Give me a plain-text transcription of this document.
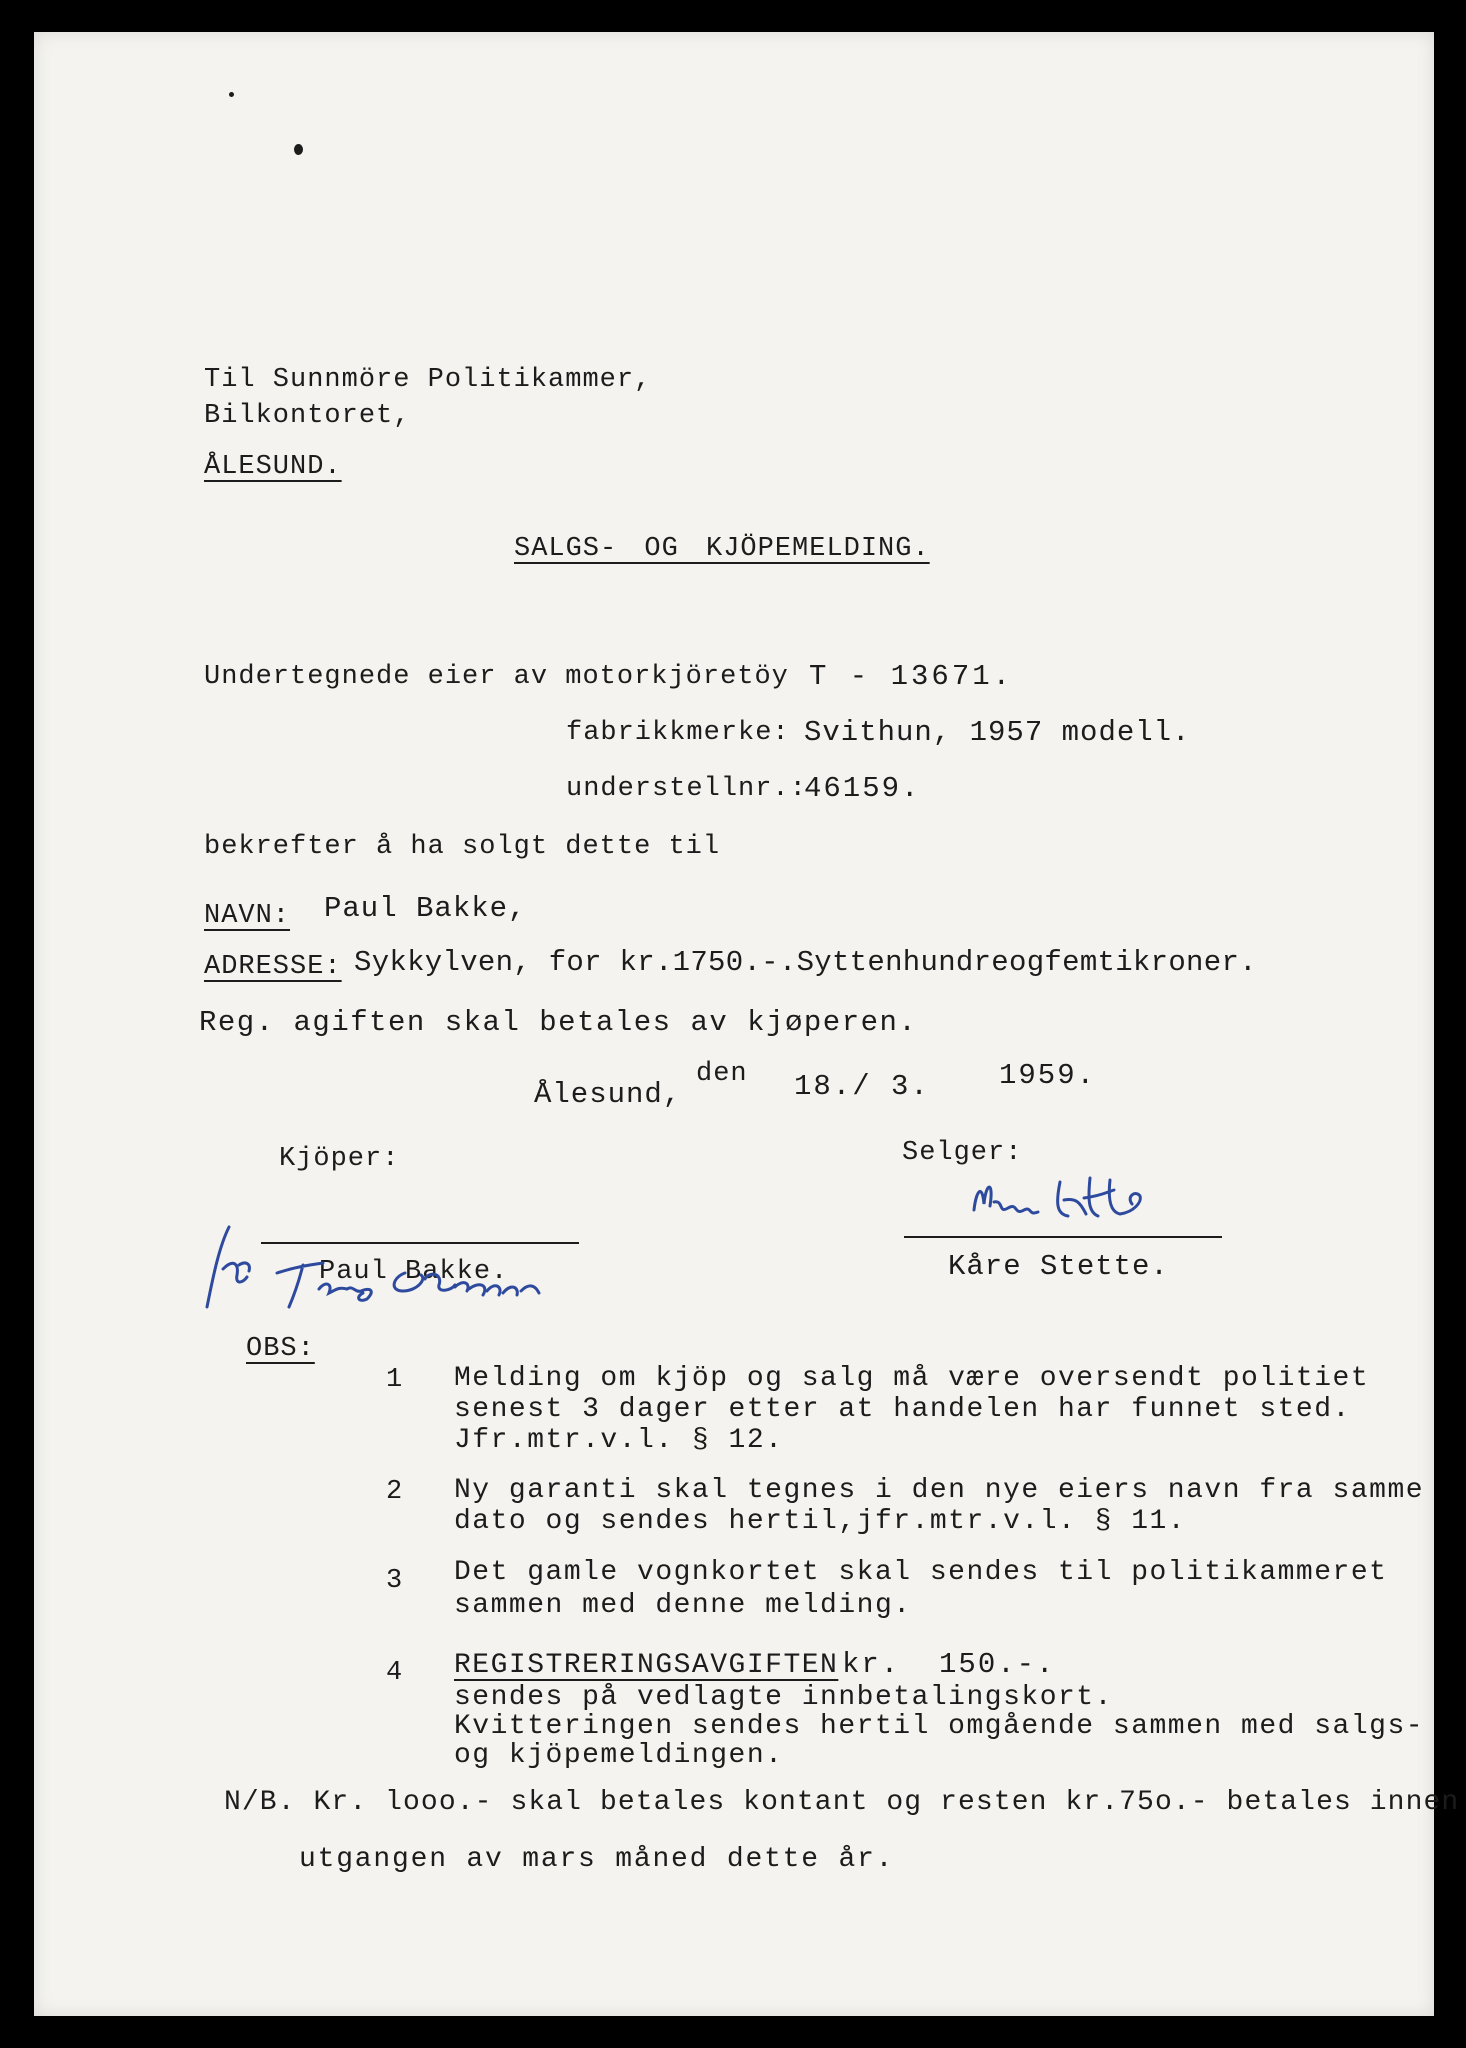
Til Sunnmöre Politikammer,

Bilkontoret,

ÅLESUND.

SALGS- OG KJÖPEMELDING.

Undertegnede eier av motorkjöretöy T - 13671.

fabrikkmerke: Svithun, 1957 modell.

understellnr.:

46159.

bekrefter å ha solgt dette til

NAVN: Paul Bakke,

ADRESSE: Sykkylven, for kr.1750.-.Syttenhundreogfemtikroner.

Reg. agiften skal betales av kjøperen.

Ålesund,

den 18./ 3. 1959.

Kjöper:	Selger:

Paul Bakke.	Kåre Stette.

OBS:

1 Melding om kjöp og salg må være oversendt politiet

senest 3 dager etter at handelen har funnet sted.

Jfr.mtr.v.l. § 12.

2 Ny garanti skal tegnes i den nye eiers navn fra samme

dato og sendes hertil,jfr.mtr.v.l. § 11.

3 Det gamle vognkortet skal sendes til politikammeret

sammen med denne melding.

4 REGISTRERINGSAVGIFTEN kr.  150.-.

sendes på vedlagte innbetalingskort.

Kvitteringen sendes hertil omgående sammen med salgs-

og kjöpemeldingen.

N/B. Kr. looo.- skal betales kontant og resten kr.75o.- betales innen

utgangen av mars måned dette år.
